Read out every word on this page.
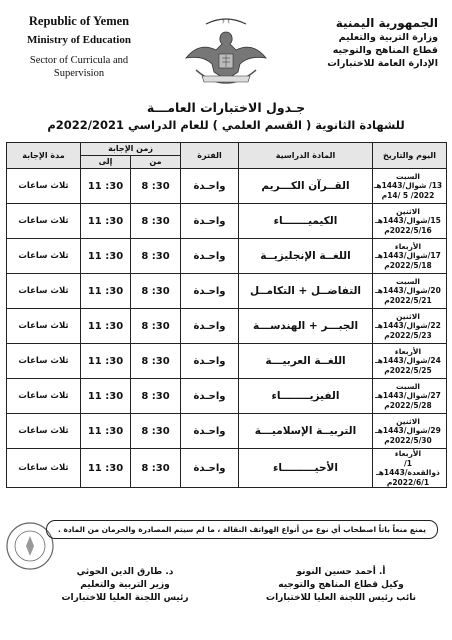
Republic of Yemen
Ministry of Education
Sector of Curricula and
Supervision
﴿ ﴾	الجمهورية اليمنية
وزارة التربية والتعليم
قطاع المناهج والتوجيه
الإدارة العامة للاختبارات
جـدول الاختبارات العامـــة
للشهادة الثانوية ( القسم العلمي ) للعام الدراسي 2022/2021م
اليوم والتاريخ	المادة الدراسية	الفترة	زمن الإجابة		مدة الإجابة
			من	إلى	

السبت
13/ شوال/1443هـ
2022/ 5 /14م	القــرآن الكـــريم	واحـدة	8 :30	11 :30	ثلاث ساعات

الاثنين
15/شوال/1443هـ
2022/5/16م	الكيميـــــــاء	واحـدة	8 :30	11 :30	ثلاث ساعات

الأربعاء
17/شوال/1443هـ
2022/5/18م	اللغــة الإنجليزيــة	واحـدة	8 :30	11 :30	ثلاث ساعات

السبت
20/شوال/1443هـ
2022/5/21م	التفاضــل + التكامــل	واحـدة	8 :30	11 :30	ثلاث ساعات

الاثنين
22/شوال/1443هـ
2022/5/23م	الجبـــر + الهندســـة	واحـدة	8 :30	11 :30	ثلاث ساعات

الأربعاء
24/شوال/1443هـ
2022/5/25م	اللغــة العربيـــة	واحـدة	8 :30	11 :30	ثلاث ساعات

السبت
27/شوال/1443هـ
2022/5/28م	الفيزيــــــــاء	واحـدة	8 :30	11 :30	ثلاث ساعات

الاثنين
29/شوال/1443هـ
2022/5/30م	التربيــة الإسلاميـــة	واحـدة	8 :30	11 :30	ثلاث ساعات

الأربعاء
1/ذوالقعدة/1443هـ
2022/6/1م	الأحيـــــــــاء	واحـدة	8 :30	11 :30	ثلاث ساعات
يمنع منعاً باتاً اصطحاب أي نوع من أنواع الهواتف النقالة ، ما لم سيتم المصادرة والحرمان من المادة .
أ. أحمد حسين النونو
وكيل قطاع المناهج والتوجيه
نائب رئيس اللجنة العليا للاختبارات
د. طارق الدين الحوثي
وزير التربية والتعليم
رئيس اللجنة العليا للاختبارات
